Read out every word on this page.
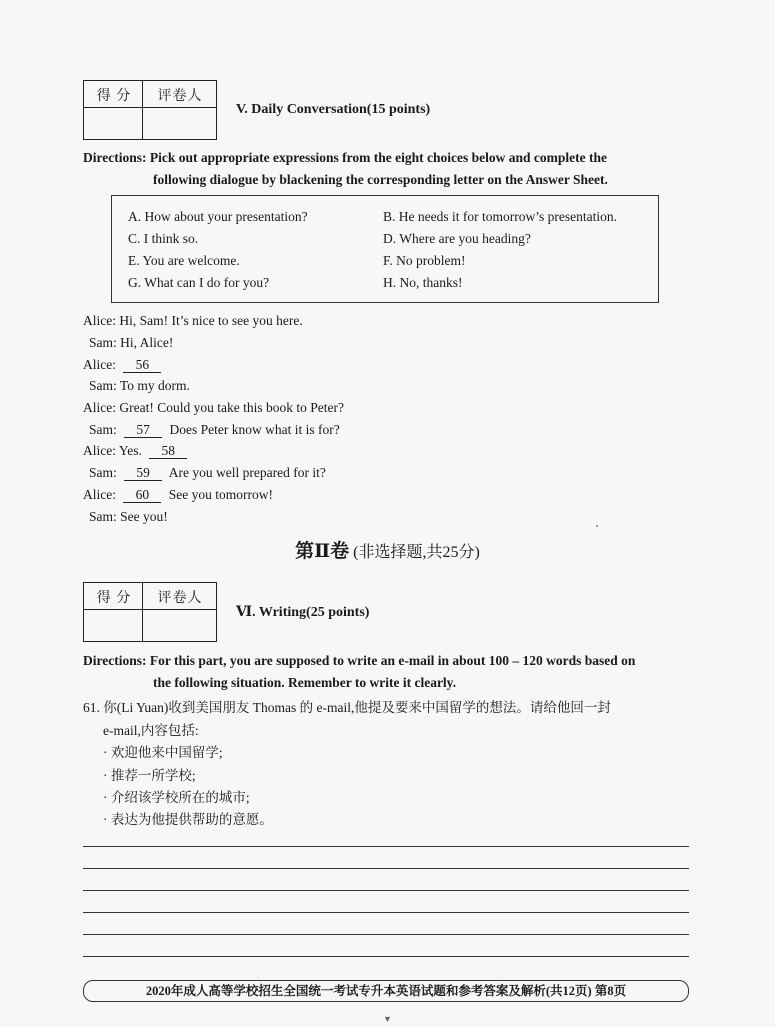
得 分	评卷人
V. Daily Conversation(15 points)
Directions: Pick out appropriate expressions from the eight choices below and complete the
following dialogue by blackening the corresponding letter on the Answer Sheet.
A. How about your presentation?	B. He needs it for tomorrow’s presentation.
C. I think so.	D. Where are you heading?
E. You are welcome.	F. No problem!
G. What can I do for you?	H. No, thanks!
Alice: Hi, Sam! It’s nice to see you here.
Sam: Hi, Alice!
Alice: 56
Sam: To my dorm.
Alice: Great! Could you take this book to Peter?
Sam: 57 Does Peter know what it is for?
Alice: Yes. 58
Sam: 59 Are you well prepared for it?
Alice: 60 See you tomorrow!
Sam: See you!
第Ⅱ卷 (非选择题,共25分)
得 分	评卷人
Ⅵ. Writing(25 points)
Directions: For this part, you are supposed to write an e-mail in about 100 – 120 words based on
the following situation. Remember to write it clearly.
61. 你(Li Yuan)收到美国朋友 Thomas 的 e-mail,他提及要来中国留学的想法。请给他回一封
e-mail,内容包括:
· 欢迎他来中国留学;
· 推荐一所学校;
· 介绍该学校所在的城市;
· 表达为他提供帮助的意愿。
2020年成人高等学校招生全国统一考试专升本英语试题和参考答案及解析(共12页) 第8页
▼
